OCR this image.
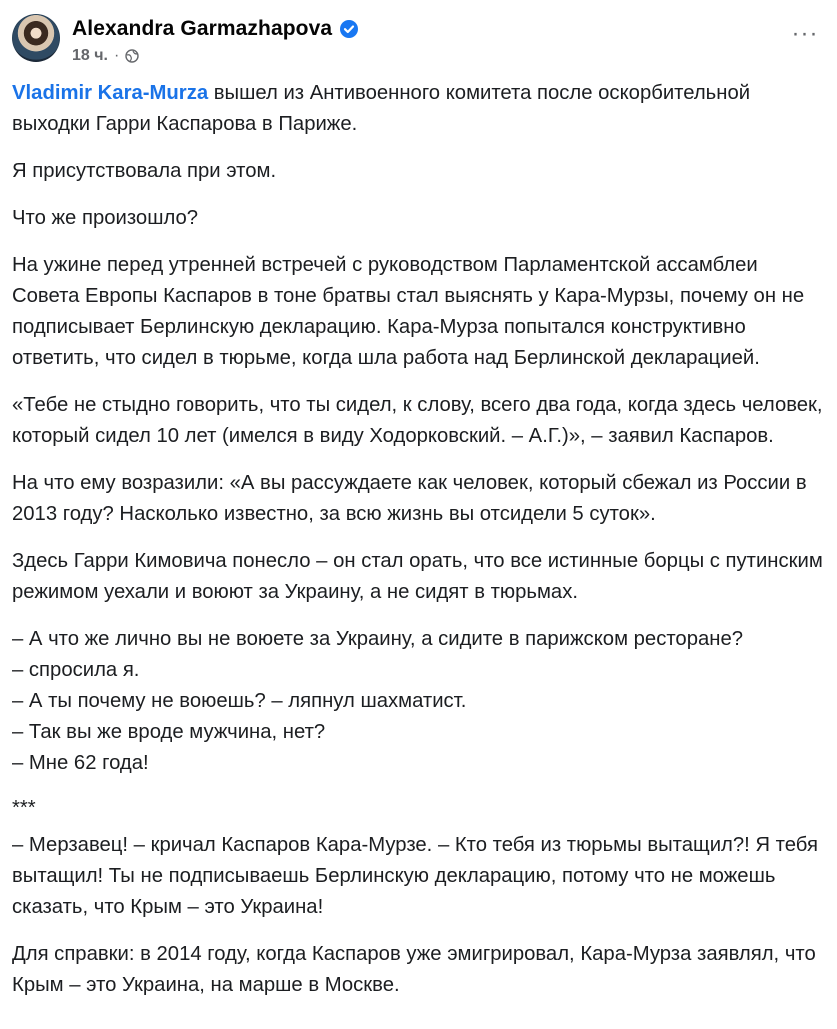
Alexandra Garmazhapova
18 ч. ·
···

Vladimir Kara-Murza вышел из Антивоенного комитета после оскорбительной выходки Гарри Каспарова в Париже.

Я присутствовала при этом.

Что же произошло?

На ужине перед утренней встречей с руководством Парламентской ассамблеи Совета Европы Каспаров в тоне братвы стал выяснять у Кара-Мурзы, почему он не подписывает Берлинскую декларацию. Кара-Мурза попытался конструктивно ответить, что сидел в тюрьме, когда шла работа над Берлинской декларацией.

«Тебе не стыдно говорить, что ты сидел, к слову, всего два года, когда здесь человек, который сидел 10 лет (имелся в виду Ходорковский. – А.Г.)», – заявил Каспаров.

На что ему возразили: «А вы рассуждаете как человек, который сбежал из России в 2013 году? Насколько известно, за всю жизнь вы отсидели 5 суток».

Здесь Гарри Кимовича понесло – он стал орать, что все истинные борцы с путинским режимом уехали и воюют за Украину, а не сидят в тюрьмах.

– А что же лично вы не воюете за Украину, а сидите в парижском ресторане?

– спросила я.

– А ты почему не воюешь? – ляпнул шахматист.

– Так вы же вроде мужчина, нет?

– Мне 62 года!

***

– Мерзавец! – кричал Каспаров Кара-Мурзе. – Кто тебя из тюрьмы вытащил?! Я тебя вытащил! Ты не подписываешь Берлинскую декларацию, потому что не можешь сказать, что Крым – это Украина!

Для справки: в 2014 году, когда Каспаров уже эмигрировал, Кара-Мурза заявлял, что Крым – это Украина, на марше в Москве.
